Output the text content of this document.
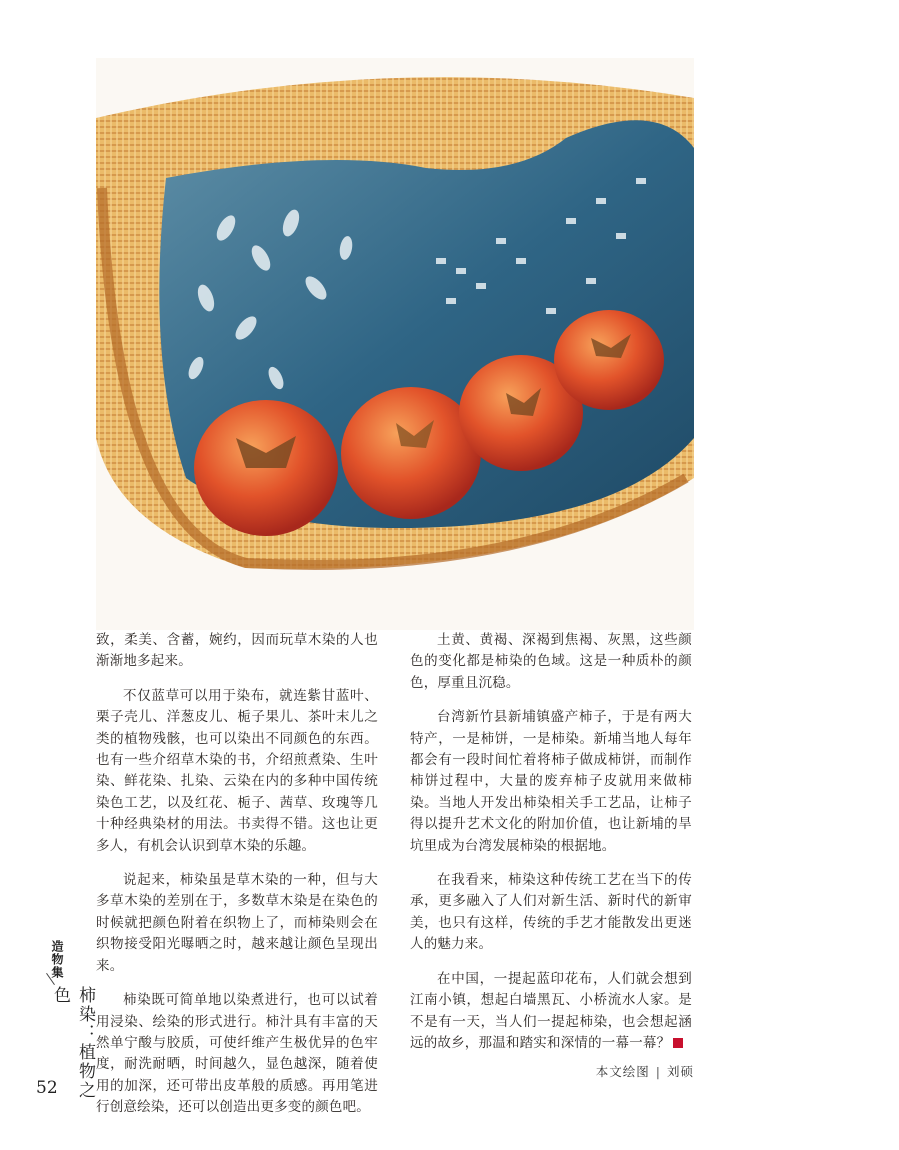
致，柔美、含蓄，婉约，因而玩草木染的人也渐渐地多起来。

不仅蓝草可以用于染布，就连紫甘蓝叶、栗子壳儿、洋葱皮儿、栀子果儿、茶叶末儿之类的植物残骸，也可以染出不同颜色的东西。也有一些介绍草木染的书，介绍煎煮染、生叶染、鲜花染、扎染、云染在内的多种中国传统染色工艺，以及红花、栀子、茜草、玫瑰等几十种经典染材的用法。书卖得不错。这也让更多人，有机会认识到草木染的乐趣。

说起来，柿染虽是草木染的一种，但与大多草木染的差别在于，多数草木染是在染色的时候就把颜色附着在织物上了，而柿染则会在织物接受阳光曝晒之时，越来越让颜色呈现出来。

柿染既可简单地以染煮进行，也可以试着用浸染、绘染的形式进行。柿汁具有丰富的天然单宁酸与胶质，可使纤维产生极优异的色牢度，耐洗耐晒，时间越久，显色越深，随着使用的加深，还可带出皮革般的质感。再用笔进行创意绘染，还可以创造出更多变的颜色吧。

土黄、黄褐、深褐到焦褐、灰黑，这些颜色的变化都是柿染的色域。这是一种质朴的颜色，厚重且沉稳。

台湾新竹县新埔镇盛产柿子，于是有两大特产，一是柿饼，一是柿染。新埔当地人每年都会有一段时间忙着将柿子做成柿饼，而制作柿饼过程中，大量的废弃柿子皮就用来做柿染。当地人开发出柿染相关手工艺品，让柿子得以提升艺术文化的附加价值，也让新埔的旱坑里成为台湾发展柿染的根据地。

在我看来，柿染这种传统工艺在当下的传承，更多融入了人们对新生活、新时代的新审美，也只有这样，传统的手艺才能散发出更迷人的魅力来。

在中国，一提起蓝印花布，人们就会想到江南小镇，想起白墙黑瓦、小桥流水人家。是不是有一天，当人们一提起柿染，也会想起涵远的故乡，那温和踏实和深情的一幕一幕？

本文绘图 | 刘硕
造物集
柿染：植物之色
52
